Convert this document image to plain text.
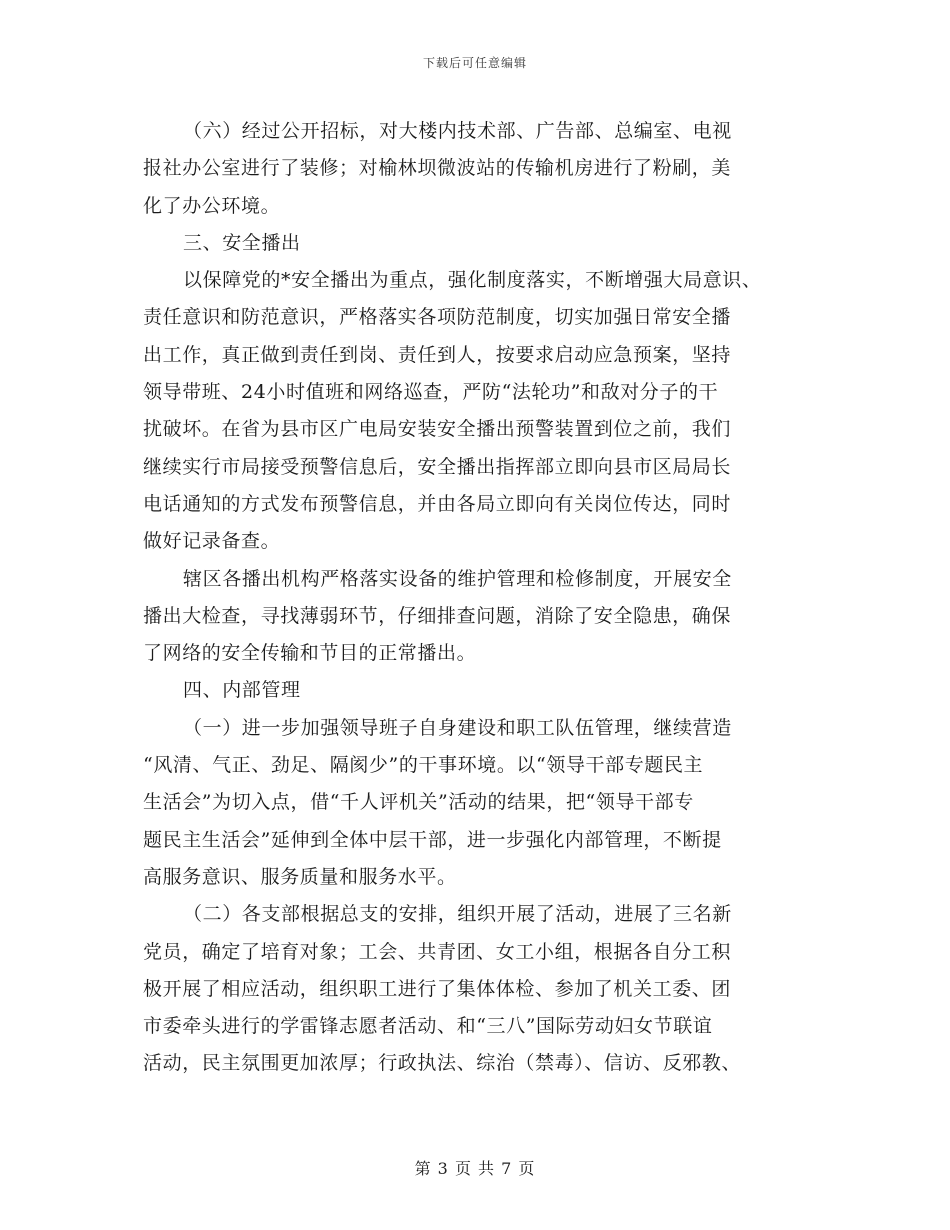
下载后可任意编辑
（六）经过公开招标，对大楼内技术部、广告部、总编室、电视
报社办公室进行了装修；对榆林坝微波站的传输机房进行了粉刷，美
化了办公环境。
三、安全播出
以保障党的*安全播出为重点，强化制度落实，不断增强大局意识、
责任意识和防范意识，严格落实各项防范制度，切实加强日常安全播
出工作，真正做到责任到岗、责任到人，按要求启动应急预案，坚持
领导带班、24小时值班和网络巡查，严防“法轮功”和敌对分子的干
扰破坏。在省为县市区广电局安装安全播出预警装置到位之前，我们
继续实行市局接受预警信息后，安全播出指挥部立即向县市区局局长
电话通知的方式发布预警信息，并由各局立即向有关岗位传达，同时
做好记录备查。
辖区各播出机构严格落实设备的维护管理和检修制度，开展安全
播出大检查，寻找薄弱环节，仔细排查问题，消除了安全隐患，确保
了网络的安全传输和节目的正常播出。
四、内部管理
（一）进一步加强领导班子自身建设和职工队伍管理，继续营造
“风清、气正、劲足、隔阂少”的干事环境。以“领导干部专题民主
生活会”为切入点，借“千人评机关”活动的结果，把“领导干部专
题民主生活会”延伸到全体中层干部，进一步强化内部管理，不断提
高服务意识、服务质量和服务水平。
（二）各支部根据总支的安排，组织开展了活动，进展了三名新
党员，确定了培育对象；工会、共青团、女工小组，根据各自分工积
极开展了相应活动，组织职工进行了集体体检、参加了机关工委、团
市委牵头进行的学雷锋志愿者活动、和“三八”国际劳动妇女节联谊
活动，民主氛围更加浓厚；行政执法、综治（禁毒）、信访、反邪教、
第 3 页 共 7 页
